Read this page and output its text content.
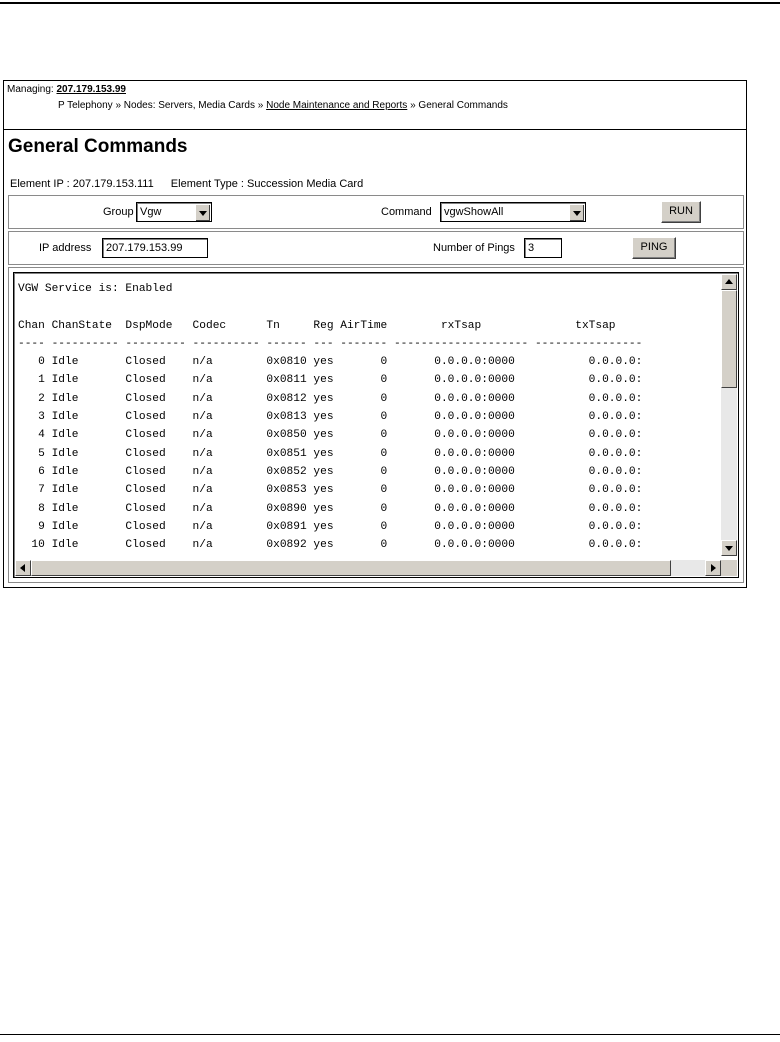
Managing: 207.179.153.99
P Telephony » Nodes: Servers, Media Cards » Node Maintenance and Reports » General Commands
General Commands
Element IP : 207.179.153.111 Element Type : Succession Media Card
Group Vgw	Command vgwShowAll	RUN
IP address	207.179.153.99	Number of Pings	3	PING
VGW Service is: Enabled
Chan ChanState  DspMode   Codec      Tn     Reg AirTime        rxTsap              txTsap
---- ---------- --------- ---------- ------ --- ------- -------------------- ----------------
0 Idle       Closed    n/a        0x0810 yes       0       0.0.0.0:0000           0.0.0.0:
1 Idle       Closed    n/a        0x0811 yes       0       0.0.0.0:0000           0.0.0.0:
2 Idle       Closed    n/a        0x0812 yes       0       0.0.0.0:0000           0.0.0.0:
3 Idle       Closed    n/a        0x0813 yes       0       0.0.0.0:0000           0.0.0.0:
4 Idle       Closed    n/a        0x0850 yes       0       0.0.0.0:0000           0.0.0.0:
5 Idle       Closed    n/a        0x0851 yes       0       0.0.0.0:0000           0.0.0.0:
6 Idle       Closed    n/a        0x0852 yes       0       0.0.0.0:0000           0.0.0.0:
7 Idle       Closed    n/a        0x0853 yes       0       0.0.0.0:0000           0.0.0.0:
8 Idle       Closed    n/a        0x0890 yes       0       0.0.0.0:0000           0.0.0.0:
9 Idle       Closed    n/a        0x0891 yes       0       0.0.0.0:0000           0.0.0.0:
10 Idle       Closed    n/a        0x0892 yes       0       0.0.0.0:0000           0.0.0.0:
